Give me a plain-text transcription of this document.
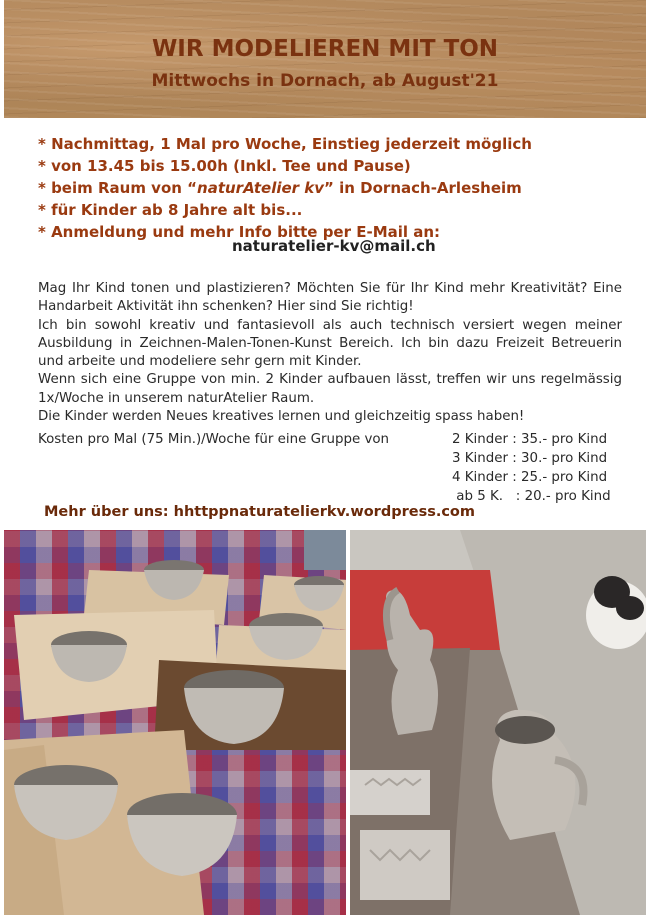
WIR MODELIEREN MIT TON
Mittwochs in Dornach, ab August'21
* Nachmittag, 1 Mal pro Woche, Einstieg jederzeit möglich
* von 13.45 bis 15.00h (Inkl. Tee und Pause)
* beim Raum von “naturAtelier kv” in Dornach-Arlesheim
* für Kinder ab 8 Jahre alt bis...
* Anmeldung und mehr Info bitte per E-Mail an:
naturatelier-kv@mail.ch

Mag Ihr Kind tonen und plastizieren? Möchten Sie für Ihr Kind mehr Kreativität? Eine Handarbeit Aktivität ihn schenken? Hier sind Sie richtig!

Ich bin sowohl kreativ und fantasievoll als auch technisch versiert wegen meiner Ausbildung in Zeichnen-Malen-Tonen-Kunst Bereich. Ich bin dazu Freizeit Betreuerin und arbeite und modeliere sehr gern mit Kinder.

Wenn sich eine Gruppe von min. 2 Kinder aufbauen lässt, treffen wir uns regelmässig 1x/Woche in unserem naturAtelier Raum.

Die Kinder werden Neues kreatives lernen und gleichzeitig spass haben!

Kosten pro Mal (75 Min.)/Woche für eine Gruppe von	2 Kinder : 35.- pro Kind
3 Kinder : 30.- pro Kind
4 Kinder : 25.- pro Kind
ab 5 K.   : 20.- pro Kind
Mehr über uns: hhttppnaturatelierkv.wordpress.com
